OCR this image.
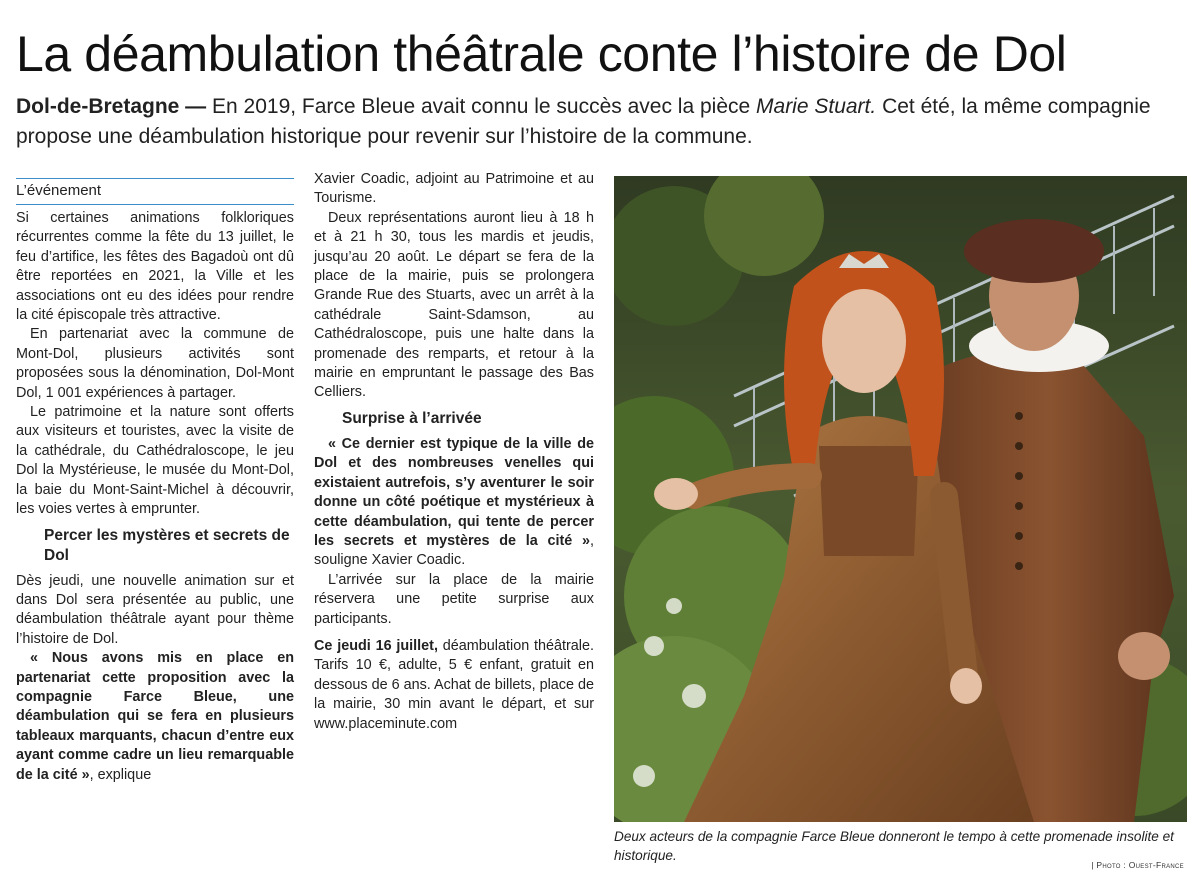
La déambulation théâtrale conte l’histoire de Dol

Dol-de-Bretagne — En 2019, Farce Bleue avait connu le succès avec la pièce Marie Stuart. Cet été, la même compagnie propose une déambulation historique pour revenir sur l’histoire de la commune.

L’événement

Si certaines animations folkloriques récurrentes comme la fête du 13 juillet, le feu d’artifice, les fêtes des Bagadoù ont dû être reportées en 2021, la Ville et les associations ont eu des idées pour rendre la cité épiscopale très attractive.

En partenariat avec la commune de Mont-Dol, plusieurs activités sont proposées sous la dénomination, Dol-Mont Dol, 1 001 expériences à partager.

Le patrimoine et la nature sont offerts aux visiteurs et touristes, avec la visite de la cathédrale, du Cathédraloscope, le jeu Dol la Mystérieuse, le musée du Mont-Dol, la baie du Mont-Saint-Michel à découvrir, les voies vertes à emprunter.

Percer les mystères et secrets de Dol

Dès jeudi, une nouvelle animation sur et dans Dol sera présentée au public, une déambulation théâtrale ayant pour thème l’histoire de Dol.

« Nous avons mis en place en partenariat cette proposition avec la compagnie Farce Bleue, une déambulation qui se fera en plusieurs tableaux marquants, chacun d’entre eux ayant comme cadre un lieu remarquable de la cité », explique

Xavier Coadic, adjoint au Patrimoine et au Tourisme.

Deux représentations auront lieu à 18 h et à 21 h 30, tous les mardis et jeudis, jusqu’au 20 août. Le départ se fera de la place de la mairie, puis se prolongera Grande Rue des Stuarts, avec un arrêt à la cathédrale Saint-Sdamson, au Cathédraloscope, puis une halte dans la promenade des remparts, et retour à la mairie en empruntant le passage des Bas Celliers.

Surprise à l’arrivée

« Ce dernier est typique de la ville de Dol et des nombreuses venelles qui existaient autrefois, s’y aventurer le soir donne un côté poétique et mystérieux à cette déambulation, qui tente de percer les secrets et mystères de la cité », souligne Xavier Coadic.

L’arrivée sur la place de la mairie réservera une petite surprise aux participants.

Ce jeudi 16 juillet, déambulation théâtrale. Tarifs 10 €, adulte, 5 € enfant, gratuit en dessous de 6 ans. Achat de billets, place de la mairie, 30 min avant le départ, et sur www.placeminute.com

Deux acteurs de la compagnie Farce Bleue donneront le tempo à cette promenade insolite et historique.
| Photo : Ouest-France
